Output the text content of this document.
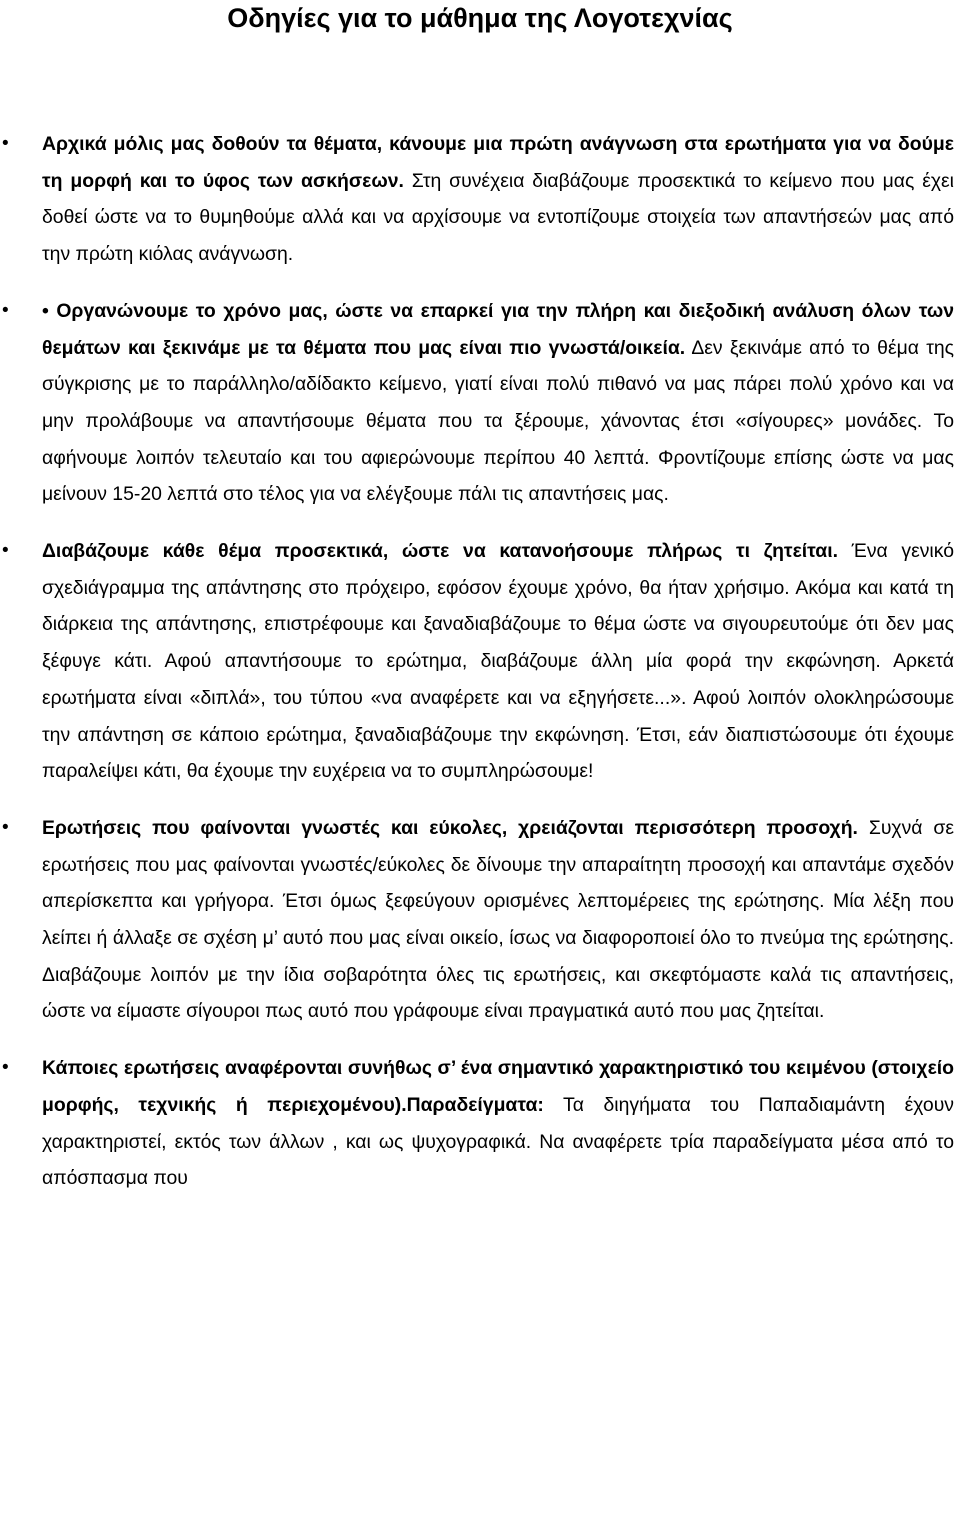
Οδηγίες για το μάθημα της Λογοτεχνίας
• Αρχικά μόλις μας δοθούν τα θέματα, κάνουμε μια πρώτη ανάγνωση στα ερωτήματα για να δούμε τη μορφή και το ύφος των ασκήσεων. Στη συνέχεια διαβάζουμε προσεκτικά το κείμενο που μας έχει δοθεί ώστε να το θυμηθούμε αλλά και να αρχίσουμε να εντοπίζουμε στοιχεία των απαντήσεών μας από την πρώτη κιόλας ανάγνωση.
• • Οργανώνουμε το χρόνο μας, ώστε να επαρκεί για την πλήρη και διεξοδική ανάλυση όλων των θεμάτων και ξεκινάμε με τα θέματα που μας είναι πιο γνωστά/οικεία. Δεν ξεκινάμε από το θέμα της σύγκρισης με το παράλληλο/αδίδακτο κείμενο, γιατί είναι πολύ πιθανό να μας πάρει πολύ χρόνο και να μην προλάβουμε να απαντήσουμε θέματα που τα ξέρουμε, χάνοντας έτσι «σίγουρες» μονάδες. Το αφήνουμε λοιπόν τελευταίο και του αφιερώνουμε περίπου 40 λεπτά. Φροντίζουμε επίσης ώστε να μας μείνουν 15-20 λεπτά στο τέλος για να ελέγξουμε πάλι τις απαντήσεις μας.
• Διαβάζουμε κάθε θέμα προσεκτικά, ώστε να κατανοήσουμε πλήρως τι ζητείται. Ένα γενικό σχεδιάγραμμα της απάντησης στο πρόχειρο, εφόσον έχουμε χρόνο, θα ήταν χρήσιμο. Ακόμα και κατά τη διάρκεια της απάντησης, επιστρέφουμε και ξαναδιαβάζουμε το θέμα ώστε να σιγουρευτούμε ότι δεν μας ξέφυγε κάτι. Αφού απαντήσουμε το ερώτημα, διαβάζουμε άλλη μία φορά την εκφώνηση. Αρκετά ερωτήματα είναι «διπλά», του τύπου «να αναφέρετε και να εξηγήσετε...». Αφού λοιπόν ολοκληρώσουμε την απάντηση σε κάποιο ερώτημα, ξαναδιαβάζουμε την εκφώνηση. Έτσι, εάν διαπιστώσουμε ότι έχουμε παραλείψει κάτι, θα έχουμε την ευχέρεια να το συμπληρώσουμε!
• Ερωτήσεις που φαίνονται γνωστές και εύκολες, χρειάζονται περισσότερη προσοχή. Συχνά σε ερωτήσεις που μας φαίνονται γνωστές/εύκολες δε δίνουμε την απαραίτητη προσοχή και απαντάμε σχεδόν απερίσκεπτα και γρήγορα. Έτσι όμως ξεφεύγουν ορισμένες λεπτομέρειες της ερώτησης. Μία λέξη που λείπει ή άλλαξε σε σχέση μ’ αυτό που μας είναι οικείο, ίσως να διαφοροποιεί όλο το πνεύμα της ερώτησης. Διαβάζουμε λοιπόν με την ίδια σοβαρότητα όλες τις ερωτήσεις, και σκεφτόμαστε καλά τις απαντήσεις, ώστε να είμαστε σίγουροι πως αυτό που γράφουμε είναι πραγματικά αυτό που μας ζητείται.
• Κάποιες ερωτήσεις αναφέρονται συνήθως σ’ ένα σημαντικό χαρακτηριστικό του κειμένου (στοιχείο μορφής, τεχνικής ή περιεχομένου).Παραδείγματα: Τα διηγήματα του Παπαδιαμάντη έχουν χαρακτηριστεί, εκτός των άλλων , και ως ψυχογραφικά. Να αναφέρετε τρία παραδείγματα μέσα από το απόσπασμα που
